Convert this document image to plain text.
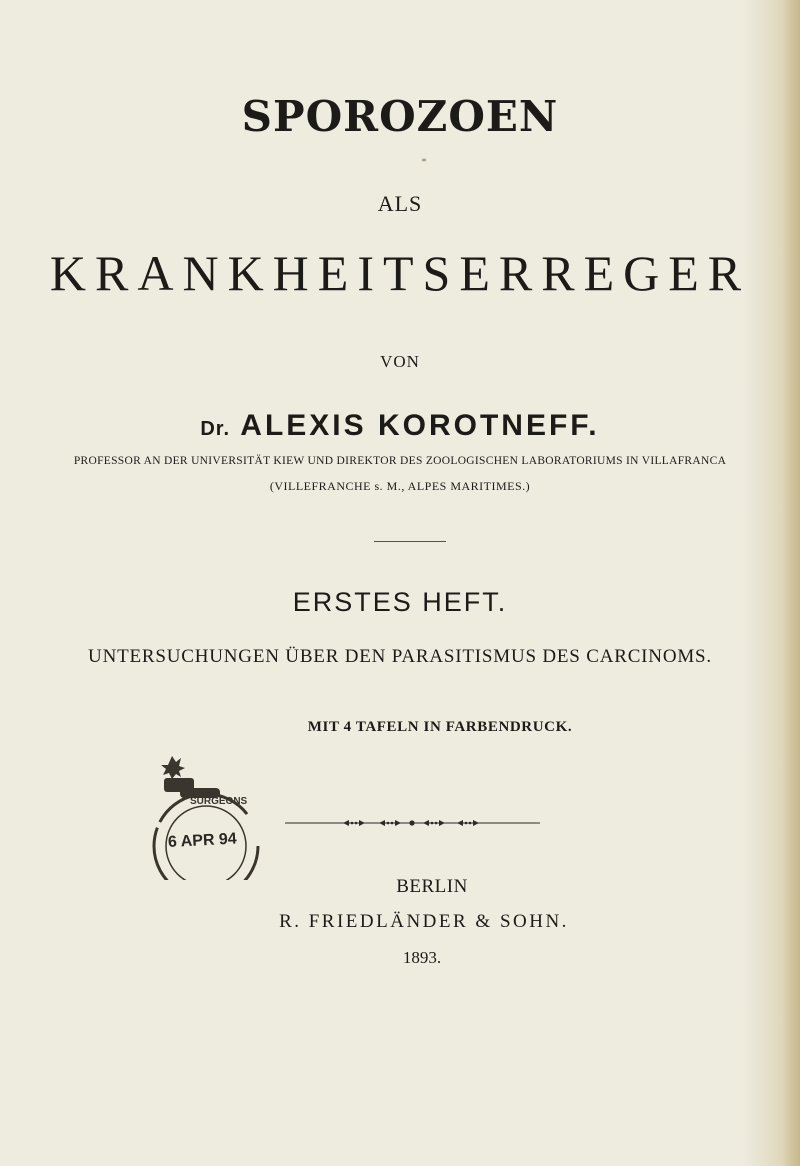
SPOROZOEN
*
ALS
KRANKHEITSERREGER
VON
Dr. ALEXIS KOROTNEFF.
PROFESSOR AN DER UNIVERSITÄT KIEW UND DIREKTOR DES ZOOLOGISCHEN LABORATORIUMS IN VILLAFRANCA
(VILLEFRANCHE s. M., ALPES MARITIMES.)
ERSTES HEFT.
UNTERSUCHUNGEN ÜBER DEN PARASITISMUS DES CARCINOMS.
MIT 4 TAFELN IN FARBENDRUCK.
SURGEONS
6 APR 94
BERLIN
R. FRIEDLÄNDER & SOHN.
1893.
